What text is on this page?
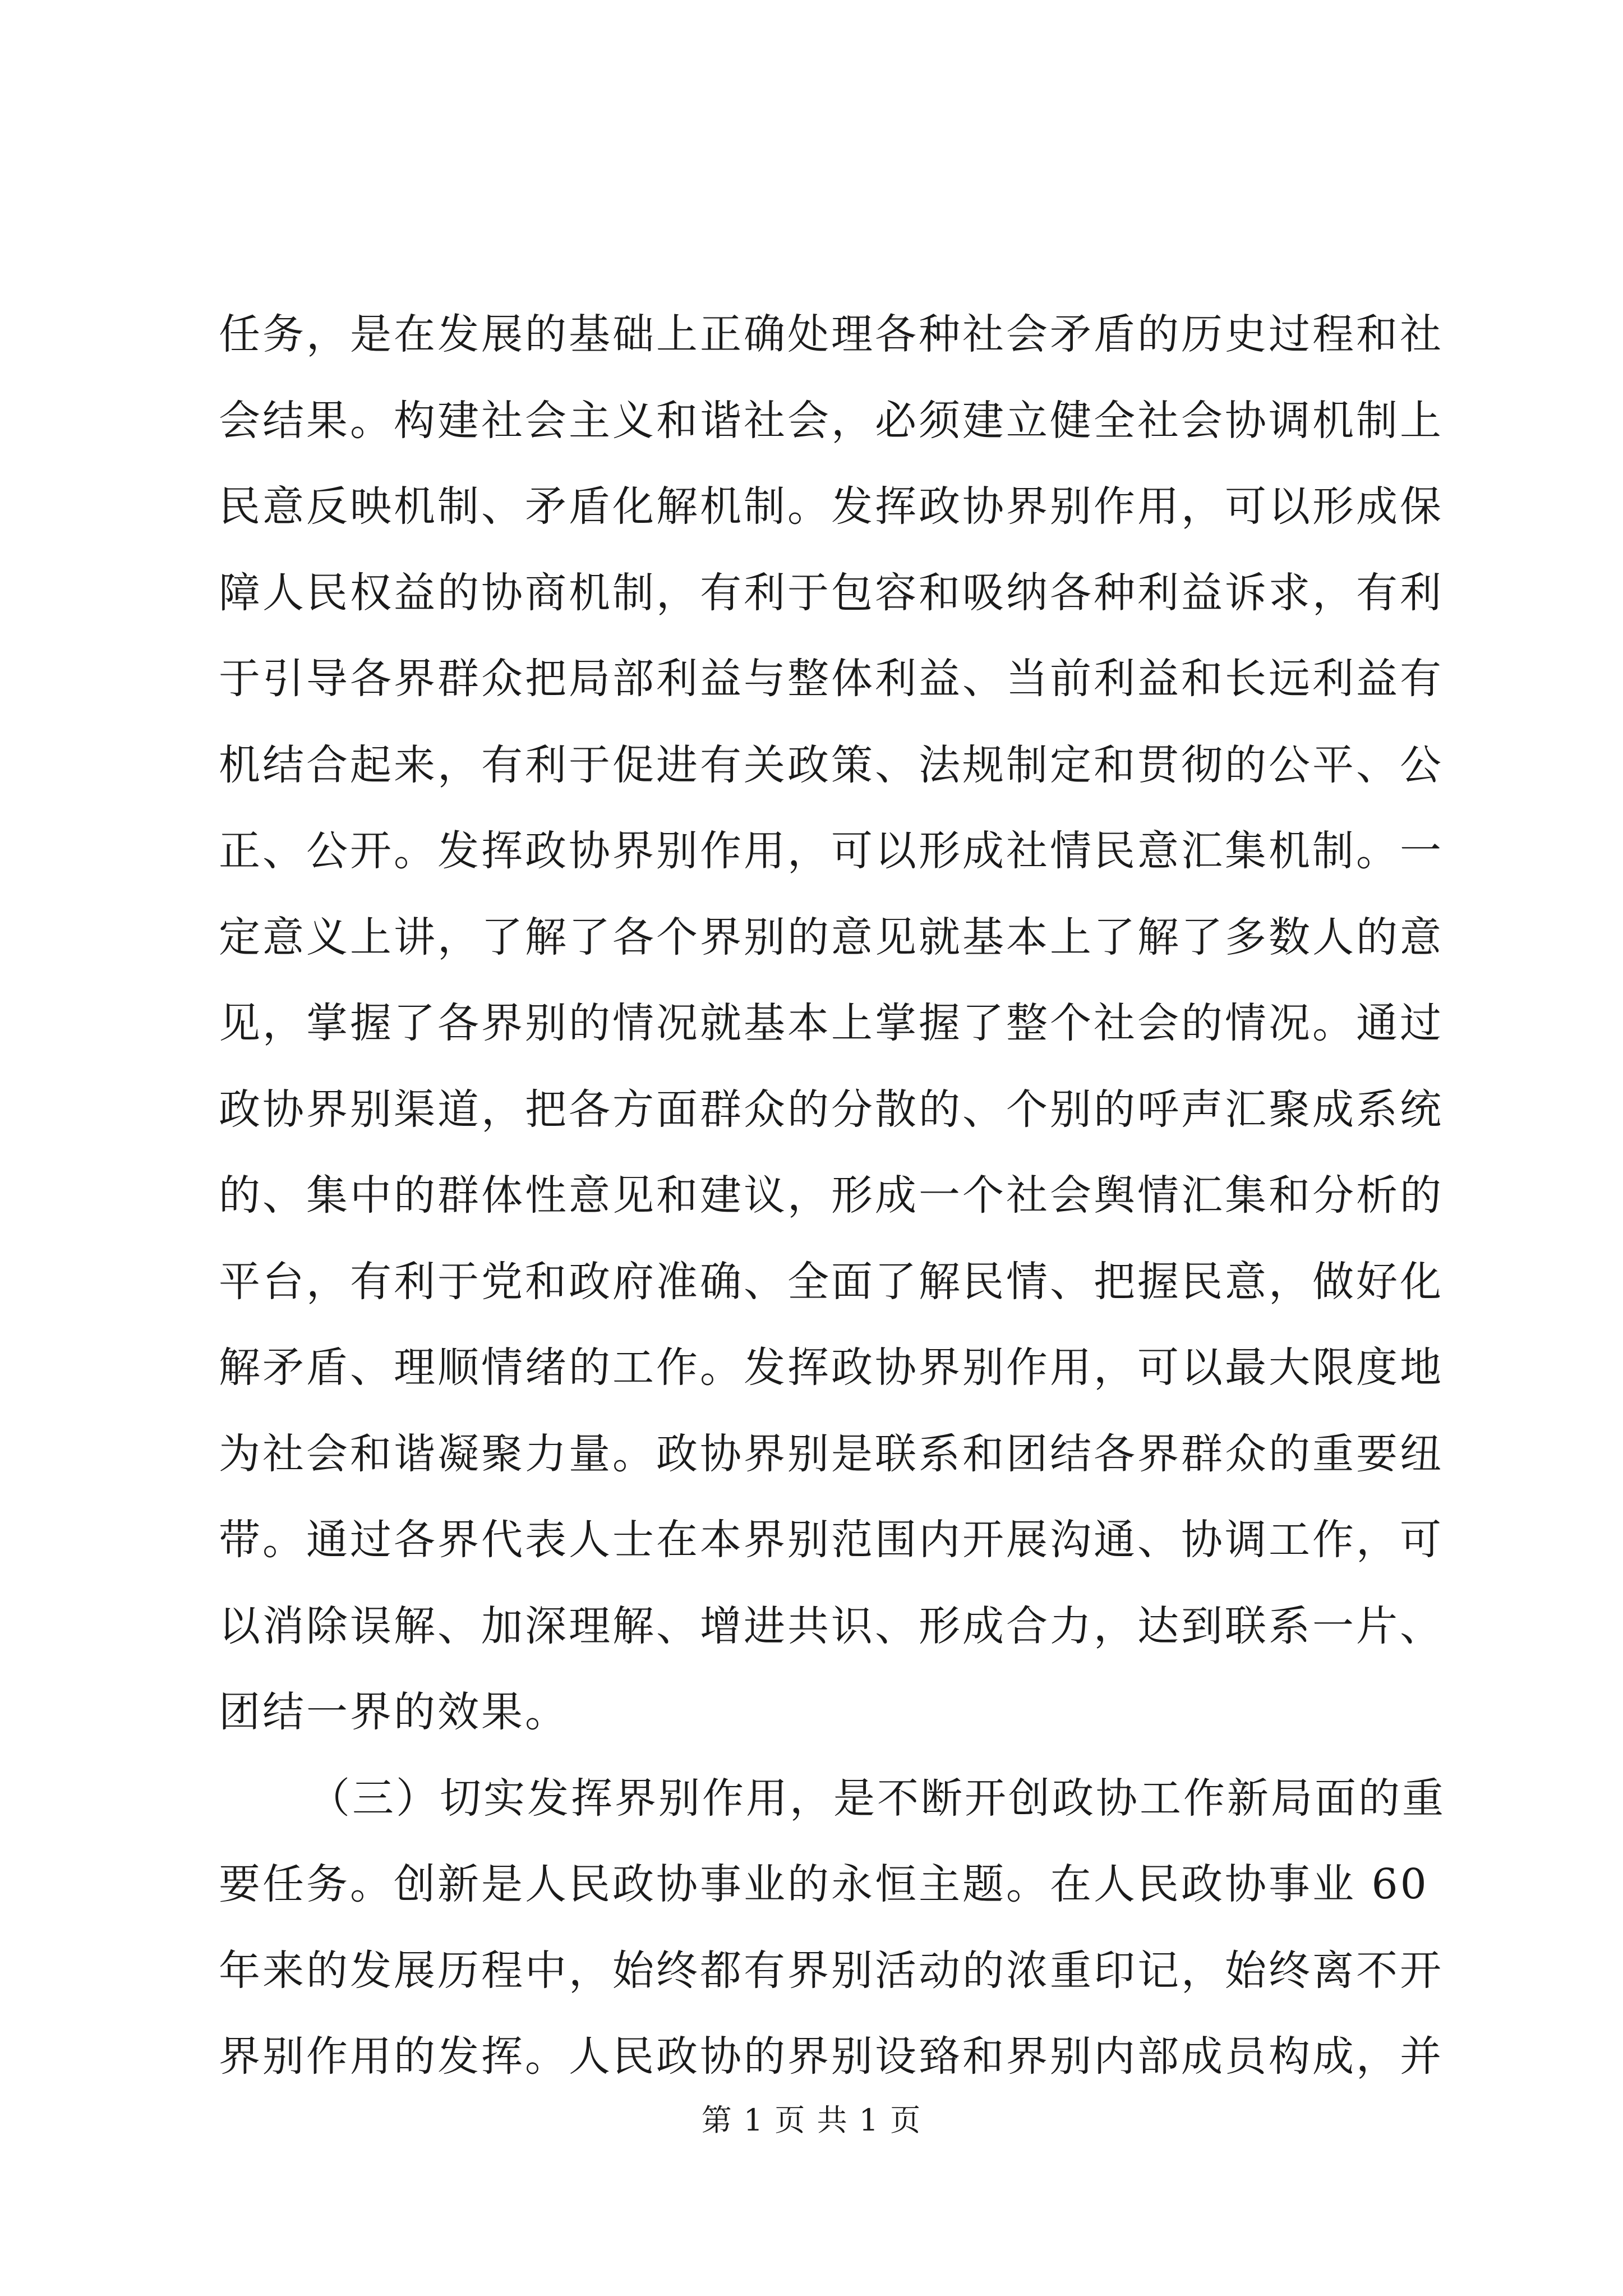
任务，是在发展的基础上正确处理各种社会矛盾的历史过程和社
会结果。构建社会主义和谐社会，必须建立健全社会协调机制上
民意反映机制、矛盾化解机制。发挥政协界别作用，可以形成保
障人民权益的协商机制，有利于包容和吸纳各种利益诉求，有利
于引导各界群众把局部利益与整体利益、当前利益和长远利益有
机结合起来，有利于促进有关政策、法规制定和贯彻的公平、公
正、公开。发挥政协界别作用，可以形成社情民意汇集机制。一
定意义上讲，了解了各个界别的意见就基本上了解了多数人的意
见，掌握了各界别的情况就基本上掌握了整个社会的情况。通过
政协界别渠道，把各方面群众的分散的、个别的呼声汇聚成系统
的、集中的群体性意见和建议，形成一个社会舆情汇集和分析的
平台，有利于党和政府准确、全面了解民情、把握民意，做好化
解矛盾、理顺情绪的工作。发挥政协界别作用，可以最大限度地
为社会和谐凝聚力量。政协界别是联系和团结各界群众的重要纽
带。通过各界代表人士在本界别范围内开展沟通、协调工作，可
以消除误解、加深理解、增进共识、形成合力，达到联系一片、
团结一界的效果。
（三）切实发挥界别作用，是不断开创政协工作新局面的重
要任务。创新是人民政协事业的永恒主题。在人民政协事业 60
年来的发展历程中，始终都有界别活动的浓重印记，始终离不开
界别作用的发挥。人民政协的界别设臵和界别内部成员构成，并
第 1 页 共 1 页
